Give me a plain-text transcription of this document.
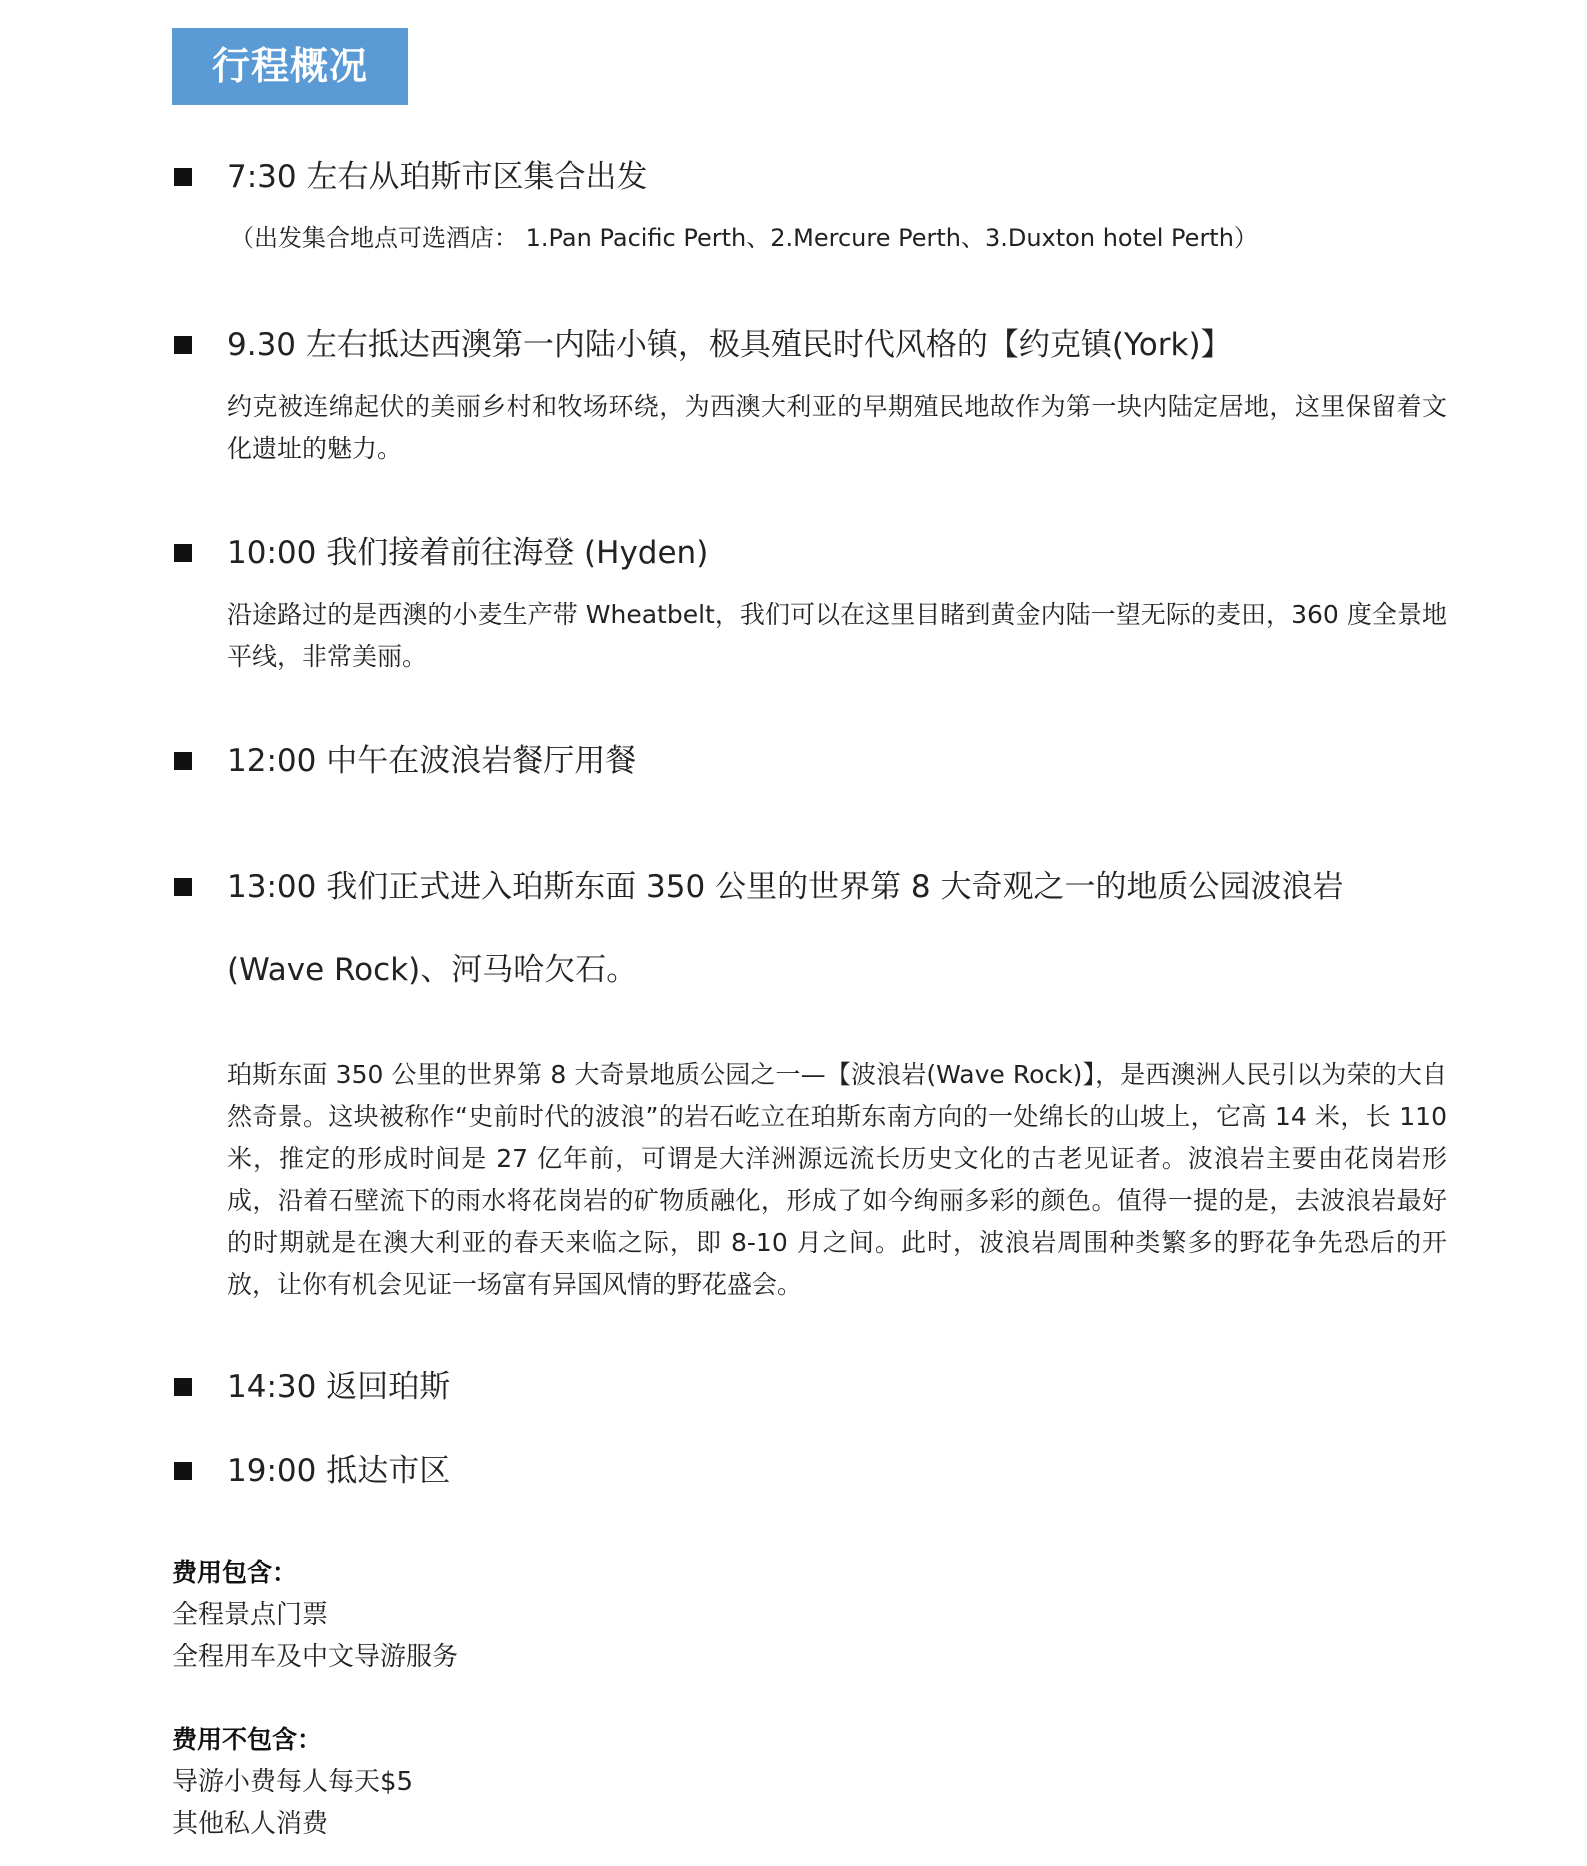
行程概况
7:30 左右从珀斯市区集合出发
（出发集合地点可选酒店： 1.Pan Pacific Perth、2.Mercure Perth、3.Duxton hotel Perth）
9.30 左右抵达西澳第一内陆小镇，极具殖民时代风格的【约克镇(York)】
约克被连绵起伏的美丽乡村和牧场环绕，为西澳大利亚的早期殖民地故作为第一块内陆定居地，这里保留着文化遗址的魅力。
10:00 我们接着前往海登 (Hyden)
沿途路过的是西澳的小麦生产带 Wheatbelt，我们可以在这里目睹到黄金内陆一望无际的麦田，360 度全景地平线，非常美丽。
12:00 中午在波浪岩餐厅用餐
13:00 我们正式进入珀斯东面 350 公里的世界第 8 大奇观之一的地质公园波浪岩
(Wave Rock)、河马哈欠石。
珀斯东面 350 公里的世界第 8 大奇景地质公园之一—【波浪岩(Wave Rock)】，是西澳洲人民引以为荣的大自然奇景。这块被称作“史前时代的波浪”的岩石屹立在珀斯东南方向的一处绵长的山坡上，它高 14 米，长 110 米，推定的形成时间是 27 亿年前，可谓是大洋洲源远流长历史文化的古老见证者。波浪岩主要由花岗岩形成，沿着石壁流下的雨水将花岗岩的矿物质融化，形成了如今绚丽多彩的颜色。值得一提的是，去波浪岩最好的时期就是在澳大利亚的春天来临之际，即 8-10 月之间。此时，波浪岩周围种类繁多的野花争先恐后的开放，让你有机会见证一场富有异国风情的野花盛会。
14:30 返回珀斯
19:00 抵达市区
费用包含：
全程景点门票
全程用车及中文导游服务
费用不包含：
导游小费每人每天$5
其他私人消费
